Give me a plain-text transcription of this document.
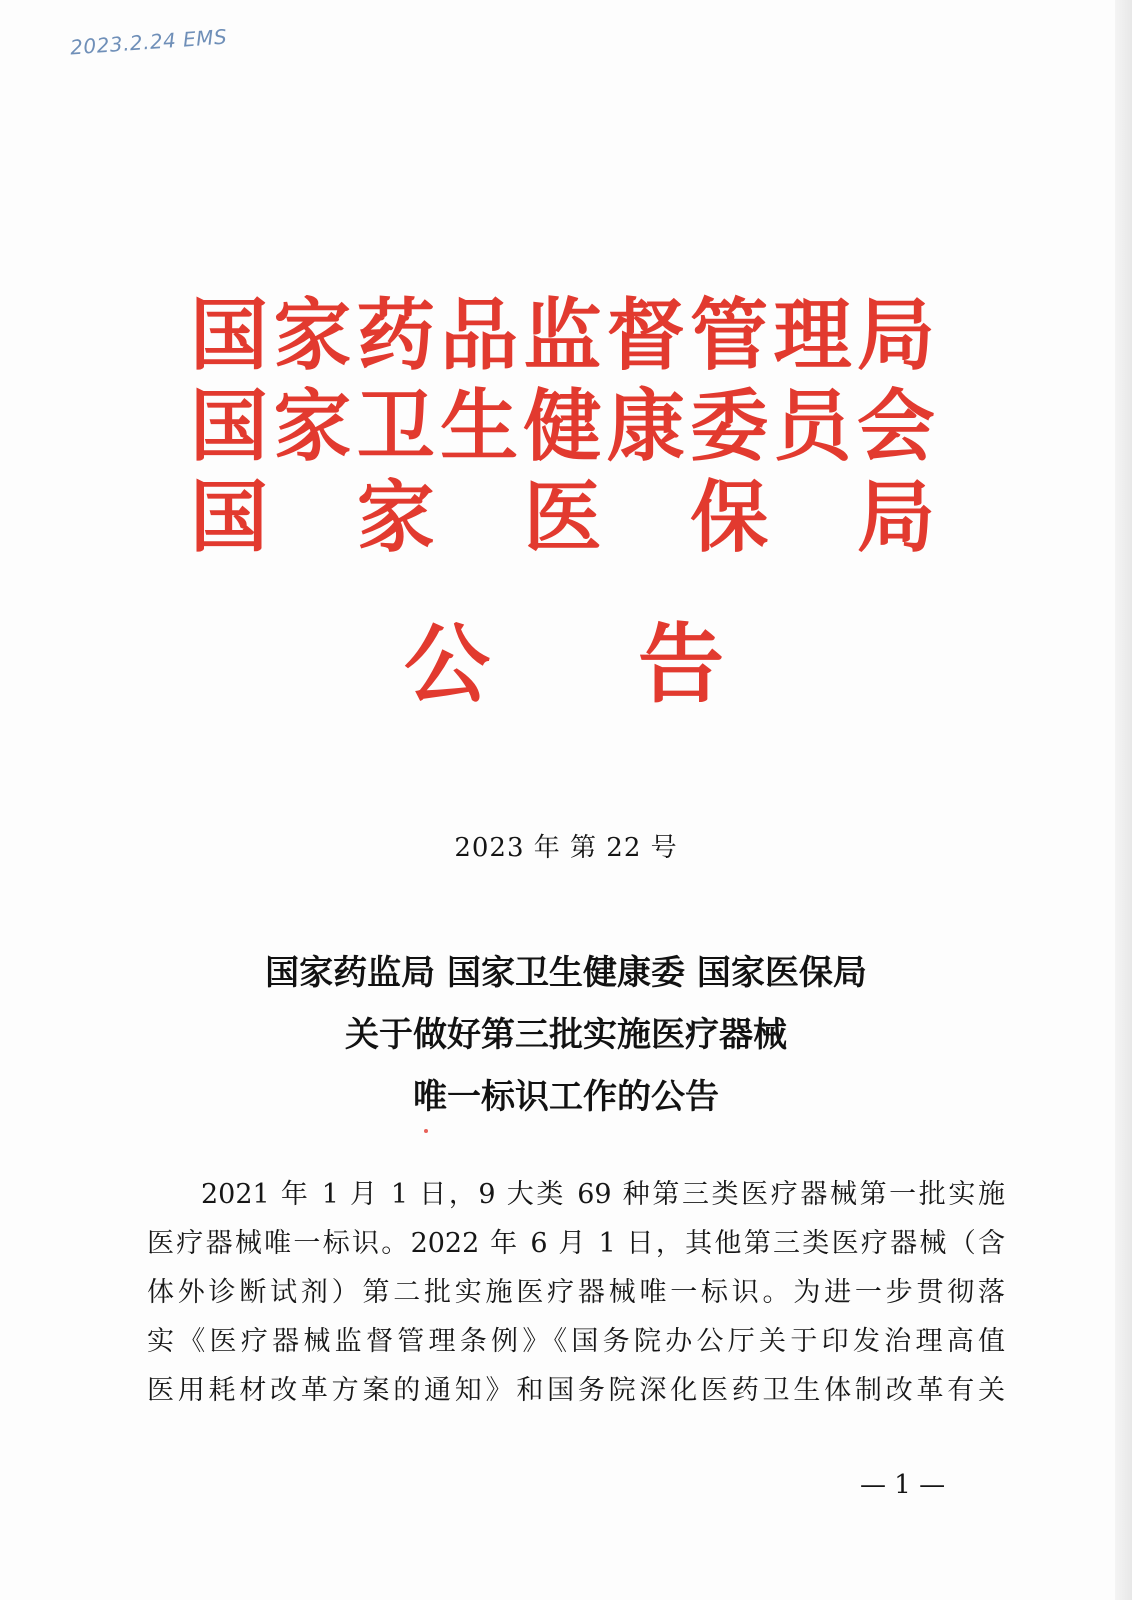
2023.2.24 EMS
国 家 药 品 监 督 管 理 局
国 家 卫 生 健 康 委 员 会
国 家 医 保 局
公 告
2023 年 第 22 号
国家药监局 国家卫生健康委 国家医保局
关于做好第三批实施医疗器械
唯一标识工作的公告
2021 年 1 月 1 日，9 大类 69 种第三类医疗器械第一批实施
医疗器械唯一标识。2022 年 6 月 1 日，其他第三类医疗器械（含
体外诊断试剂）第二批实施医疗器械唯一标识。为进一步贯彻落
实《医疗器械监督管理条例》《国务院办公厅关于印发治理高值
医用耗材改革方案的通知》和国务院深化医药卫生体制改革有关
— 1 —
